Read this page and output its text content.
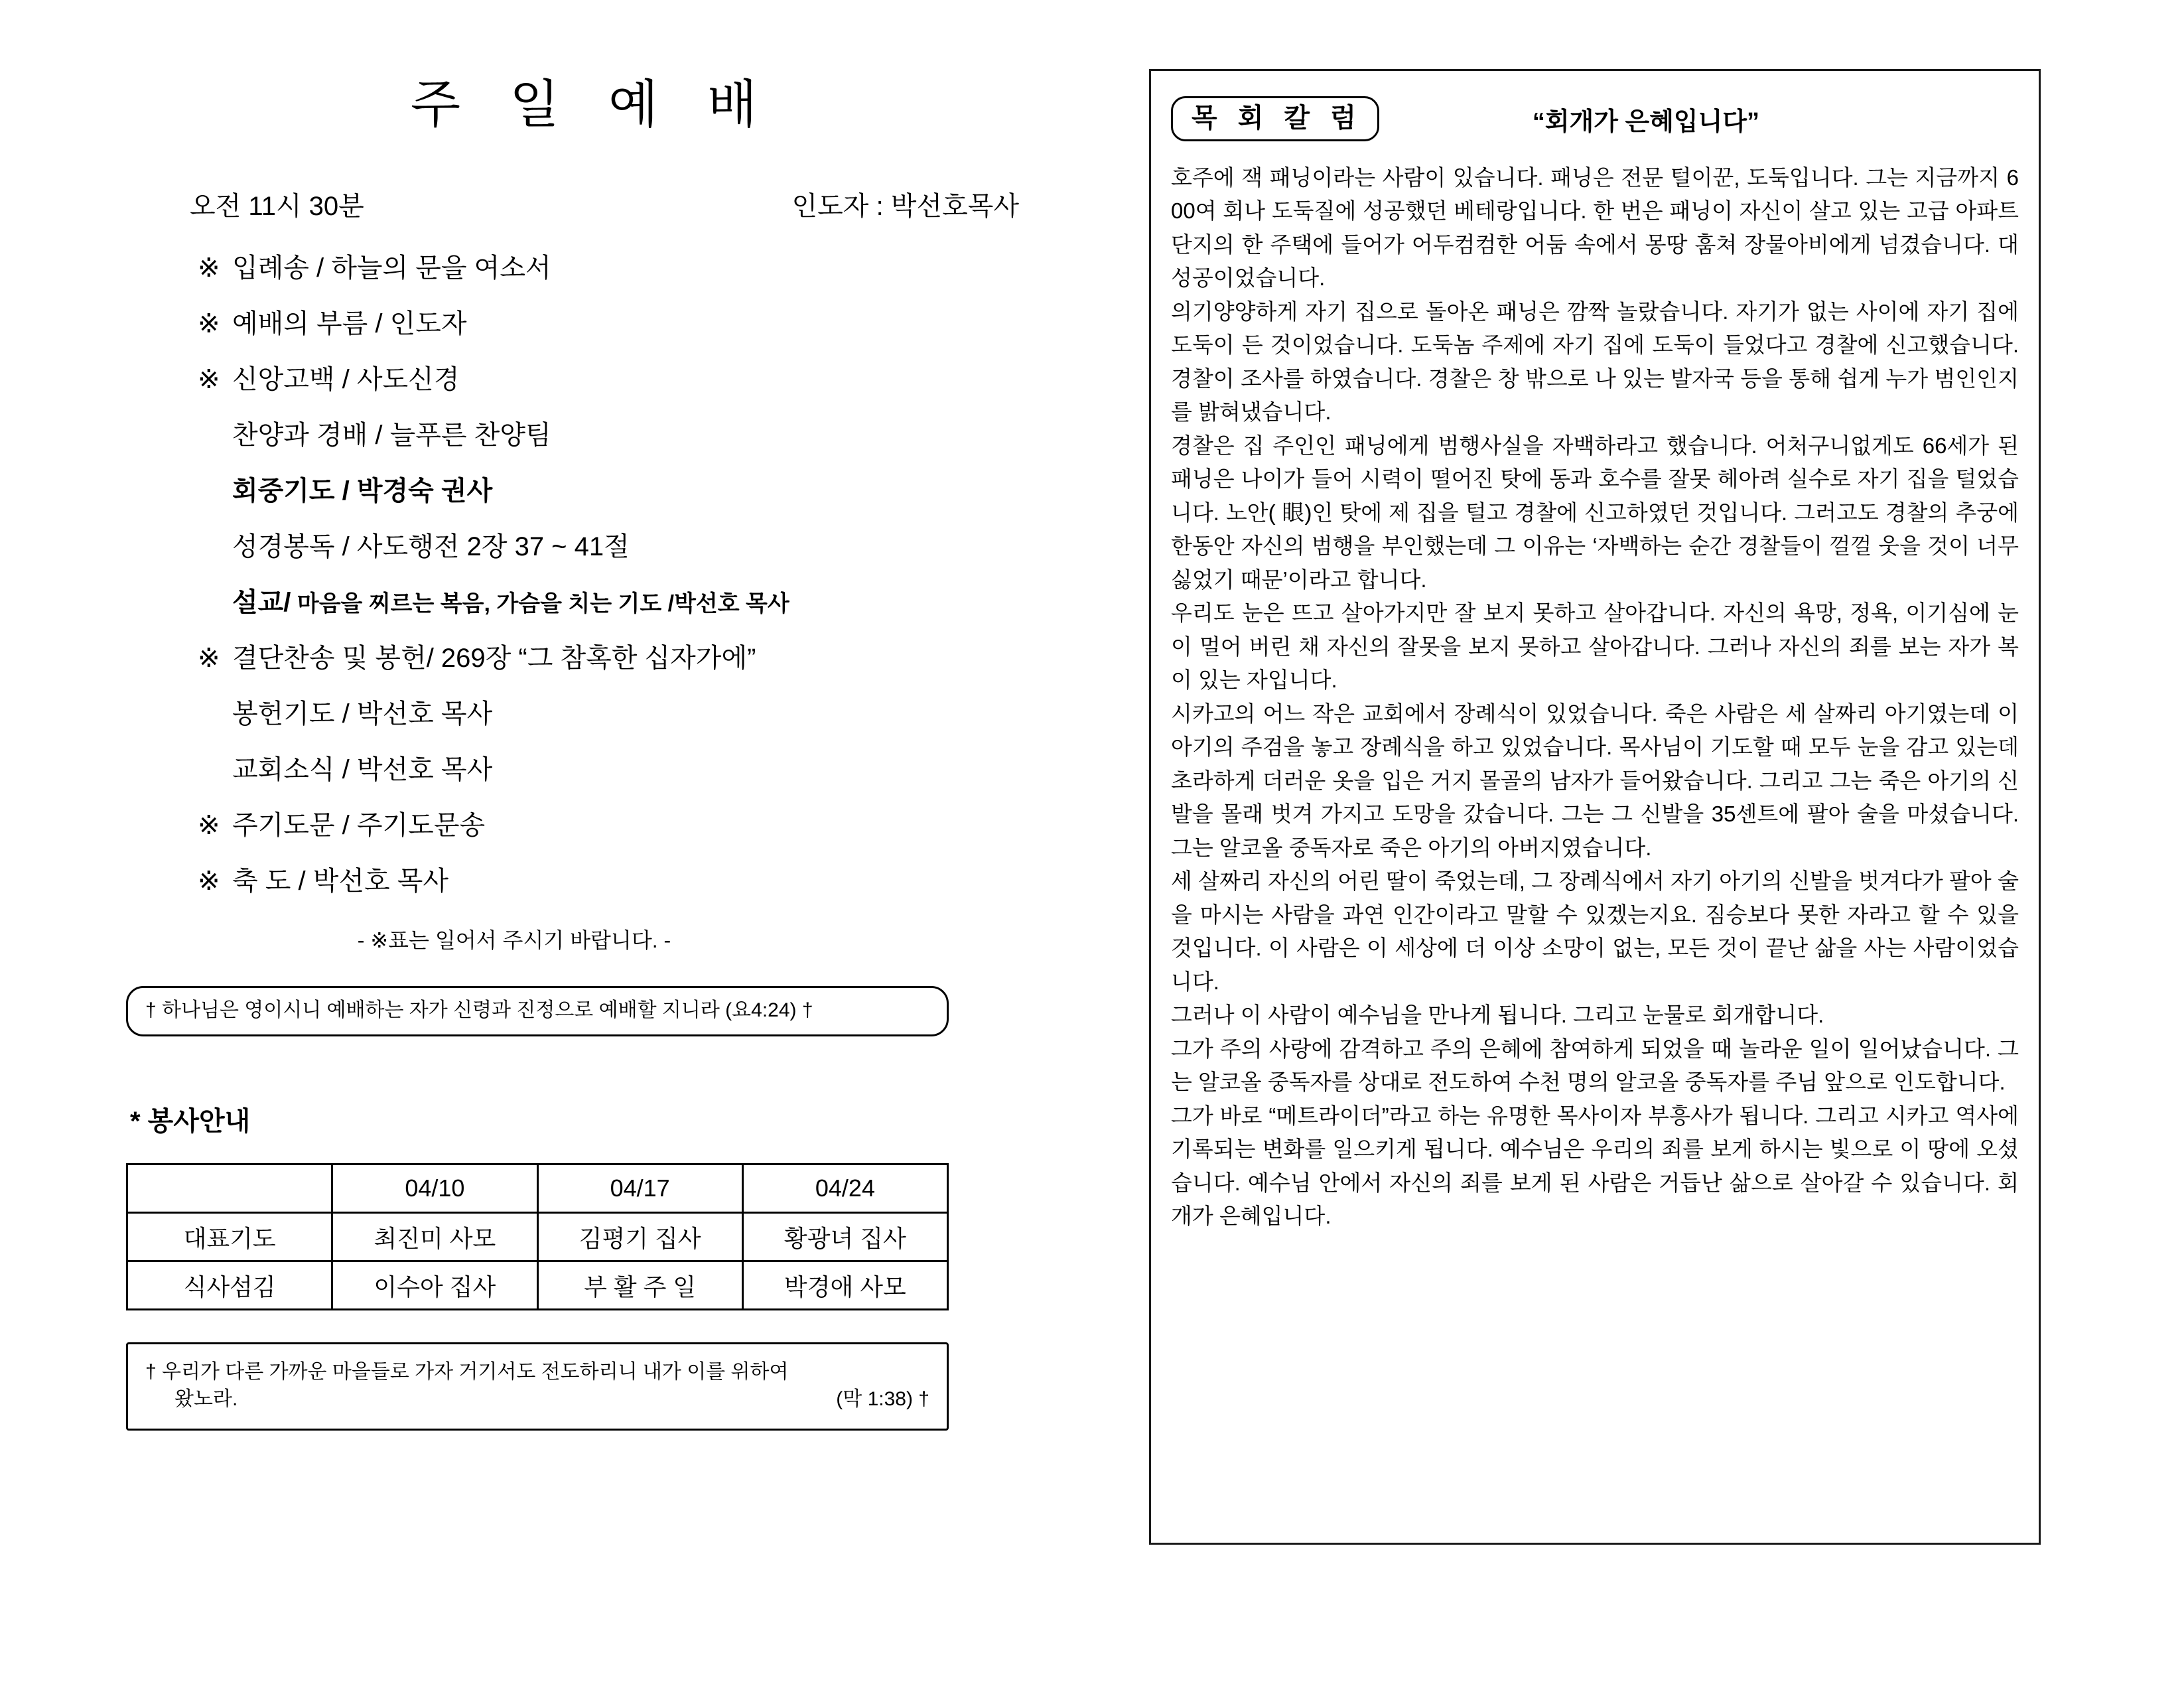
주 일 예 배
오전 11시 30분	인도자 : 박선호목사
※ 입례송 / 하늘의 문을 여소서
※ 예배의 부름 / 인도자
※ 신앙고백 / 사도신경
찬양과 경배 / 늘푸른 찬양팀
회중기도 / 박경숙 권사
성경봉독 / 사도행전 2장 37 ~ 41절
설교/ 마음을 찌르는 복음, 가슴을 치는 기도 /박선호 목사
※ 결단찬송 및 봉헌/ 269장 “그 참혹한 십자가에”
봉헌기도 / 박선호 목사
교회소식 / 박선호 목사
※ 주기도문 / 주기도문송
※ 축 도 / 박선호 목사
- ※표는 일어서 주시기 바랍니다. -
† 하나님은 영이시니 예배하는 자가 신령과 진정으로 예배할 지니라 (요4:24) †
* 봉사안내
	04/10	04/17	04/24
대표기도	최진미 사모	김평기 집사	황광녀 집사
식사섬김	이수아 집사	부 활 주 일	박경애 사모
† 우리가 다른 가까운 마을들로 가자 거기서도 전도하리니 내가 이를 위하여
왔노라.	(막 1:38) †
목 회 칼 럼	“회개가 은혜입니다”

호주에 잭 패닝이라는 사람이 있습니다. 패닝은 전문 털이꾼, 도둑입니다. 그는 지금까지 600여 회나 도둑질에 성공했던 베테랑입니다. 한 번은 패닝이 자신이 살고 있는 고급 아파트 단지의 한 주택에 들어가 어두컴컴한 어둠 속에서 몽땅 훔쳐 장물아비에게 넘겼습니다. 대성공이었습니다.

의기양양하게 자기 집으로 돌아온 패닝은 깜짝 놀랐습니다. 자기가 없는 사이에 자기 집에 도둑이 든 것이었습니다. 도둑놈 주제에 자기 집에 도둑이 들었다고 경찰에 신고했습니다. 경찰이 조사를 하였습니다. 경찰은 창 밖으로 나 있는 발자국 등을 통해 쉽게 누가 범인인지를 밝혀냈습니다.

경찰은 집 주인인 패닝에게 범행사실을 자백하라고 했습니다. 어처구니없게도 66세가 된 패닝은 나이가 들어 시력이 떨어진 탓에 동과 호수를 잘못 헤아려 실수로 자기 집을 털었습니다. 노안( 眼)인 탓에 제 집을 털고 경찰에 신고하였던 것입니다. 그러고도 경찰의 추궁에 한동안 자신의 범행을 부인했는데 그 이유는 ‘자백하는 순간 경찰들이 껄껄 웃을 것이 너무 싫었기 때문’이라고 합니다.

우리도 눈은 뜨고 살아가지만 잘 보지 못하고 살아갑니다. 자신의 욕망, 정욕, 이기심에 눈이 멀어 버린 채 자신의 잘못을 보지 못하고 살아갑니다. 그러나 자신의 죄를 보는 자가 복이 있는 자입니다.

시카고의 어느 작은 교회에서 장례식이 있었습니다. 죽은 사람은 세 살짜리 아기였는데 이 아기의 주검을 놓고 장례식을 하고 있었습니다. 목사님이 기도할 때 모두 눈을 감고 있는데 초라하게 더러운 옷을 입은 거지 몰골의 남자가 들어왔습니다. 그리고 그는 죽은 아기의 신발을 몰래 벗겨 가지고 도망을 갔습니다. 그는 그 신발을 35센트에 팔아 술을 마셨습니다. 그는 알코올 중독자로 죽은 아기의 아버지였습니다.

세 살짜리 자신의 어린 딸이 죽었는데, 그 장례식에서 자기 아기의 신발을 벗겨다가 팔아 술을 마시는 사람을 과연 인간이라고 말할 수 있겠는지요. 짐승보다 못한 자라고 할 수 있을 것입니다. 이 사람은 이 세상에 더 이상 소망이 없는, 모든 것이 끝난 삶을 사는 사람이었습니다.

그러나 이 사람이 예수님을 만나게 됩니다. 그리고 눈물로 회개합니다.

그가 주의 사랑에 감격하고 주의 은혜에 참여하게 되었을 때 놀라운 일이 일어났습니다. 그는 알코올 중독자를 상대로 전도하여 수천 명의 알코올 중독자를 주님 앞으로 인도합니다.

그가 바로 “메트라이더”라고 하는 유명한 목사이자 부흥사가 됩니다. 그리고 시카고 역사에 기록되는 변화를 일으키게 됩니다. 예수님은 우리의 죄를 보게 하시는 빛으로 이 땅에 오셨습니다. 예수님 안에서 자신의 죄를 보게 된 사람은 거듭난 삶으로 살아갈 수 있습니다. 회개가 은혜입니다.
